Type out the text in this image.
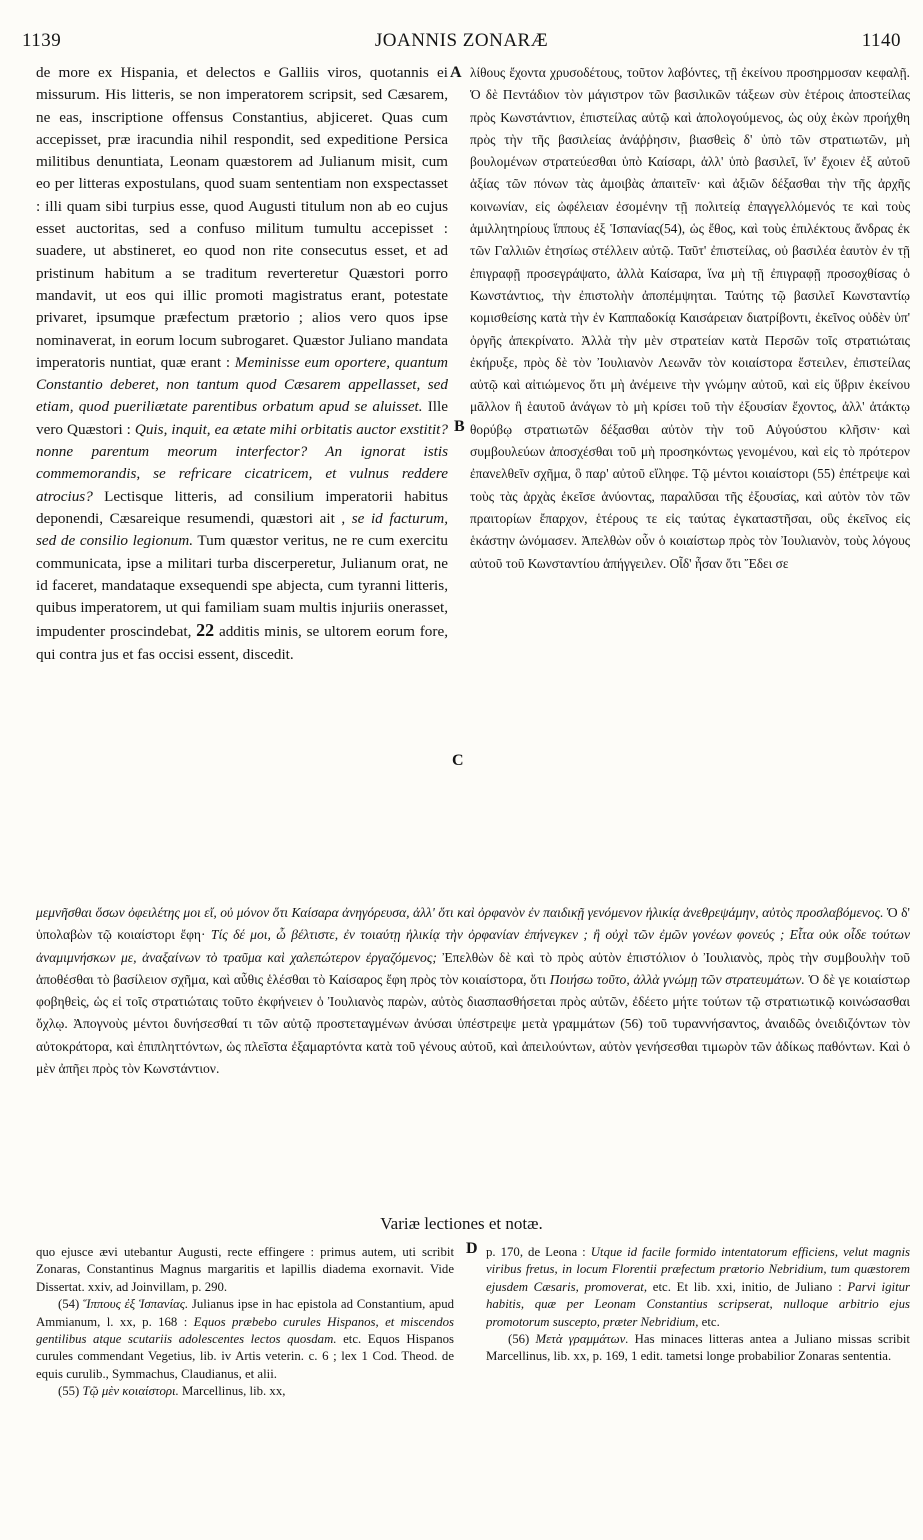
1139	JOANNIS ZONARÆ	1140
A
B
C
D
de more ex Hispania, et delectos e Galliis viros, quotannis ei missurum. His litteris, se non imperatorem scripsit, sed Cæsarem, ne eas, inscriptione offensus Constantius, abjiceret. Quas cum accepisset, præ iracundia nihil respondit, sed expeditione Persica militibus denuntiata, Leonam quæstorem ad Julianum misit, cum eo per litteras expostulans, quod suam sententiam non exspectasset : illi quam sibi turpius esse, quod Augusti titulum non ab eo cujus esset auctoritas, sed a confuso militum tumultu accepisset : suadere, ut abstineret, eo quod non rite consecutus esset, et ad pristinum habitum a se traditum reverteretur Quæstori porro mandavit, ut eos qui illic promoti magistratus erant, potestate privaret, ipsumque præfectum prætorio ; alios vero quos ipse nominaverat, in eorum locum subrogaret. Quæstor Juliano mandata imperatoris nuntiat, quæ erant : Meminisse eum oportere, quantum Constantio deberet, non tantum quod Cæsarem appellasset, sed etiam, quod pueriliætate parentibus orbatum apud se aluisset. Ille vero Quæstori : Quis, inquit, ea ætate mihi orbitatis auctor exstitit? nonne parentum meorum interfector? An ignorat istis commemorandis, se refricare cicatricem, et vulnus reddere atrocius? Lectisque litteris, ad consilium imperatorii habitus deponendi, Cæsareique resumendi, quæstori ait , se id facturum, sed de consilio legionum. Tum quæstor veritus, ne re cum exercitu communicata, ipse a militari turba discerperetur, Julianum orat, ne id faceret, mandataque exsequendi spe abjecta, cum tyranni litteris, quibus imperatorem, ut qui familiam suam multis injuriis onerasset, impudenter proscindebat, 22 additis minis, se ultorem eorum fore, qui contra jus et fas occisi essent, discedit.
λίθους ἔχοντα χρυσοδέτους, τοῦτον λαβόντες, τῇ ἐκείνου προσηρμοσαν κεφαλῇ. Ὁ δὲ Πεντάδιον τὸν μάγιστρον τῶν βασιλικῶν τάξεων σὺν ἑτέροις ἀποστείλας πρὸς Κωνστάντιον, ἐπιστείλας αὐτῷ καὶ ἀπολογούμενος, ὡς οὐχ ἑκὼν προήχθη πρὸς τὴν τῆς βασιλείας ἀνάῤῥησιν, βιασθεὶς δ' ὑπὸ τῶν στρατιωτῶν, μὴ βουλομένων στρατεύεσθαι ὑπὸ Καίσαρι, ἀλλ' ὑπὸ βασιλεῖ, ἵν' ἔχοιεν ἐξ αὐτοῦ ἀξίας τῶν πόνων τὰς ἀμοιβὰς ἀπαιτεῖν· καὶ ἀξιῶν δέξασθαι τὴν τῆς ἀρχῆς κοινωνίαν, εἰς ὠφέλειαν ἐσομένην τῇ πολιτείᾳ ἐπαγγελλόμενός τε καὶ τοὺς ἁμιλλητηρίους ἵππους ἐξ Ἱσπανίας(54), ὡς ἔθος, καὶ τοὺς ἐπιλέκτους ἄνδρας ἐκ τῶν Γαλλιῶν ἐτησίως στέλλειν αὐτῷ. Ταῦτ' ἐπιστείλας, οὐ βασιλέα ἑαυτὸν ἐν τῇ ἐπιγραφῇ προσεγράψατο, ἀλλὰ Καίσαρα, ἵνα μὴ τῇ ἐπιγραφῇ προσοχθίσας ὁ Κωνστάντιος, τὴν ἐπιστολὴν ἀποπέμψηται. Ταύτης τῷ βασιλεῖ Κωνσταντίῳ κομισθείσης κατὰ τὴν ἐν Καππαδοκίᾳ Καισάρειαν διατρίβοντι, ἐκεῖνος οὐδὲν ὑπ' ὀργῆς ἀπεκρίνατο. Ἀλλὰ τὴν μὲν στρατείαν κατὰ Περσῶν τοῖς στρατιώταις ἐκήρυξε, πρὸς δὲ τὸν Ἰουλιανὸν Λεωνᾶν τὸν κοιαίστορα ἔστειλεν, ἐπιστείλας αὐτῷ καὶ αἰτιώμενος ὅτι μὴ ἀνέμεινε τὴν γνώμην αὐτοῦ, καὶ εἰς ὕβριν ἐκείνου μᾶλλον ἢ ἑαυτοῦ ἀνάγων τὸ μὴ κρίσει τοῦ τὴν ἐξουσίαν ἔχοντος, ἀλλ' ἀτάκτῳ θορύβῳ στρατιωτῶν δέξασθαι αὐτὸν τὴν τοῦ Αὐγούστου κλῆσιν· καὶ συμβουλεύων ἀποσχέσθαι τοῦ μὴ προσηκόντως γενομένου, καὶ εἰς τὸ πρότερον ἐπανελθεῖν σχῆμα, ὃ παρ' αὐτοῦ εἴληφε. Τῷ μέντοι κοιαίστορι (55) ἐπέτρεψε καὶ τοὺς τὰς ἀρχὰς ἐκεῖσε ἀνύοντας, παραλῦσαι τῆς ἐξουσίας, καὶ αὐτὸν τὸν τῶν πραιτορίων ἔπαρχον, ἑτέρους τε εἰς ταύτας ἐγκαταστῆσαι, οὓς ἐκεῖνος εἰς ἑκάστην ὠνόμασεν. Ἀπελθὼν οὖν ὁ κοιαίστωρ πρὸς τὸν Ἰουλιανὸν, τοὺς λόγους αὐτοῦ τοῦ Κωνσταντίου ἀπήγγειλεν. Οἷδ' ἦσαν ὅτι Ἔδει σε
μεμνῆσθαι ὅσων ὀφειλέτης μοι εἴ, οὐ μόνον ὅτι Καίσαρα ἀνηγόρευσα, ἀλλ' ὅτι καὶ ὀρφανὸν ἐν παιδικῇ γενόμενον ἡλικίᾳ ἀνεθρεψάμην, αὐτὸς προσλαβόμενος. Ὁ δ' ὑπολαβὼν τῷ κοιαίστορι ἔφη· Τίς δέ μοι, ὦ βέλτιστε, ἐν τοιαύτῃ ἡλικίᾳ τὴν ὀρφανίαν ἐπήνεγκεν ; ἢ οὐχὶ τῶν ἐμῶν γονέων φονεύς ; Εἶτα οὐκ οἶδε τούτων ἀναμιμνήσκων με, ἀναξαίνων τὸ τραῦμα καὶ χαλεπώτερον ἐργαζόμενος; Ἐπελθὼν δὲ καὶ τὸ πρὸς αὐτὸν ἐπιστόλιον ὁ Ἰουλιανὸς, πρὸς τὴν συμβουλὴν τοῦ ἀποθέσθαι τὸ βασίλειον σχῆμα, καὶ αὖθις ἑλέσθαι τὸ Καίσαρος ἔφη πρὸς τὸν κοιαίστορα, ὅτι Ποιήσω τοῦτο, ἀλλὰ γνώμῃ τῶν στρατευμάτων. Ὁ δὲ γε κοιαίστωρ φοβηθεὶς, ὡς εἰ τοῖς στρατιώταις τοῦτο ἐκφήνειεν ὁ Ἰουλιανὸς παρὼν, αὐτὸς διασπασθήσεται πρὸς αὐτῶν, ἐδέετο μήτε τούτων τῷ στρατιωτικῷ κοινώσασθαι ὄχλῳ. Ἀπογνοὺς μέντοι δυνήσεσθαί τι τῶν αὐτῷ προστεταγμένων ἀνύσαι ὑπέστρεψε μετὰ γραμμάτων (56) τοῦ τυραννήσαντος, ἀναιδῶς ὀνειδιζόντων τὸν αὐτοκράτορα, καὶ ἐπιπληττόντων, ὡς πλεῖστα ἐξαμαρτόντα κατὰ τοῦ γένους αὐτοῦ, καὶ ἀπειλούντων, αὐτὸν γενήσεσθαι τιμωρὸν τῶν ἀδίκως παθόντων. Καὶ ὁ μὲν ἀπῆει πρὸς τὸν Κωνστάντιον.
Variæ lectiones et notæ.

quo ejusce ævi utebantur Augusti, recte effingere : primus autem, uti scribit Zonaras, Constantinus Magnus margaritis et lapillis diadema exornavit. Vide Dissertat. xxiv, ad Joinvillam, p. 290.

(54) Ἵππους ἐξ Ἱσπανίας. Julianus ipse in hac epistola ad Constantium, apud Ammianum, l. xx, p. 168 : Equos præbebo curules Hispanos, et miscendos gentilibus atque scutariis adolescentes lectos quosdam. etc. Equos Hispanos curules commendant Vegetius, lib. iv Artis veterin. c. 6 ; lex 1 Cod. Theod. de equis curulib., Symmachus, Claudianus, et alii.

(55) Τῷ μὲν κοιαίστορι. Marcellinus, lib. xx,

p. 170, de Leona : Utque id facile formido intentatorum efficiens, velut magnis viribus fretus, in locum Florentii præfectum prætorio Nebridium, tum quæstorem ejusdem Cæsaris, promoverat, etc. Et lib. xxi, initio, de Juliano : Parvi igitur habitis, quæ per Leonam Constantius scripserat, nulloque arbitrio ejus promotorum suscepto, præter Nebridium, etc.

(56) Μετὰ γραμμάτων. Has minaces litteras antea a Juliano missas scribit Marcellinus, lib. xx, p. 169, 1 edit. tametsi longe probabilior Zonaras sententia.
